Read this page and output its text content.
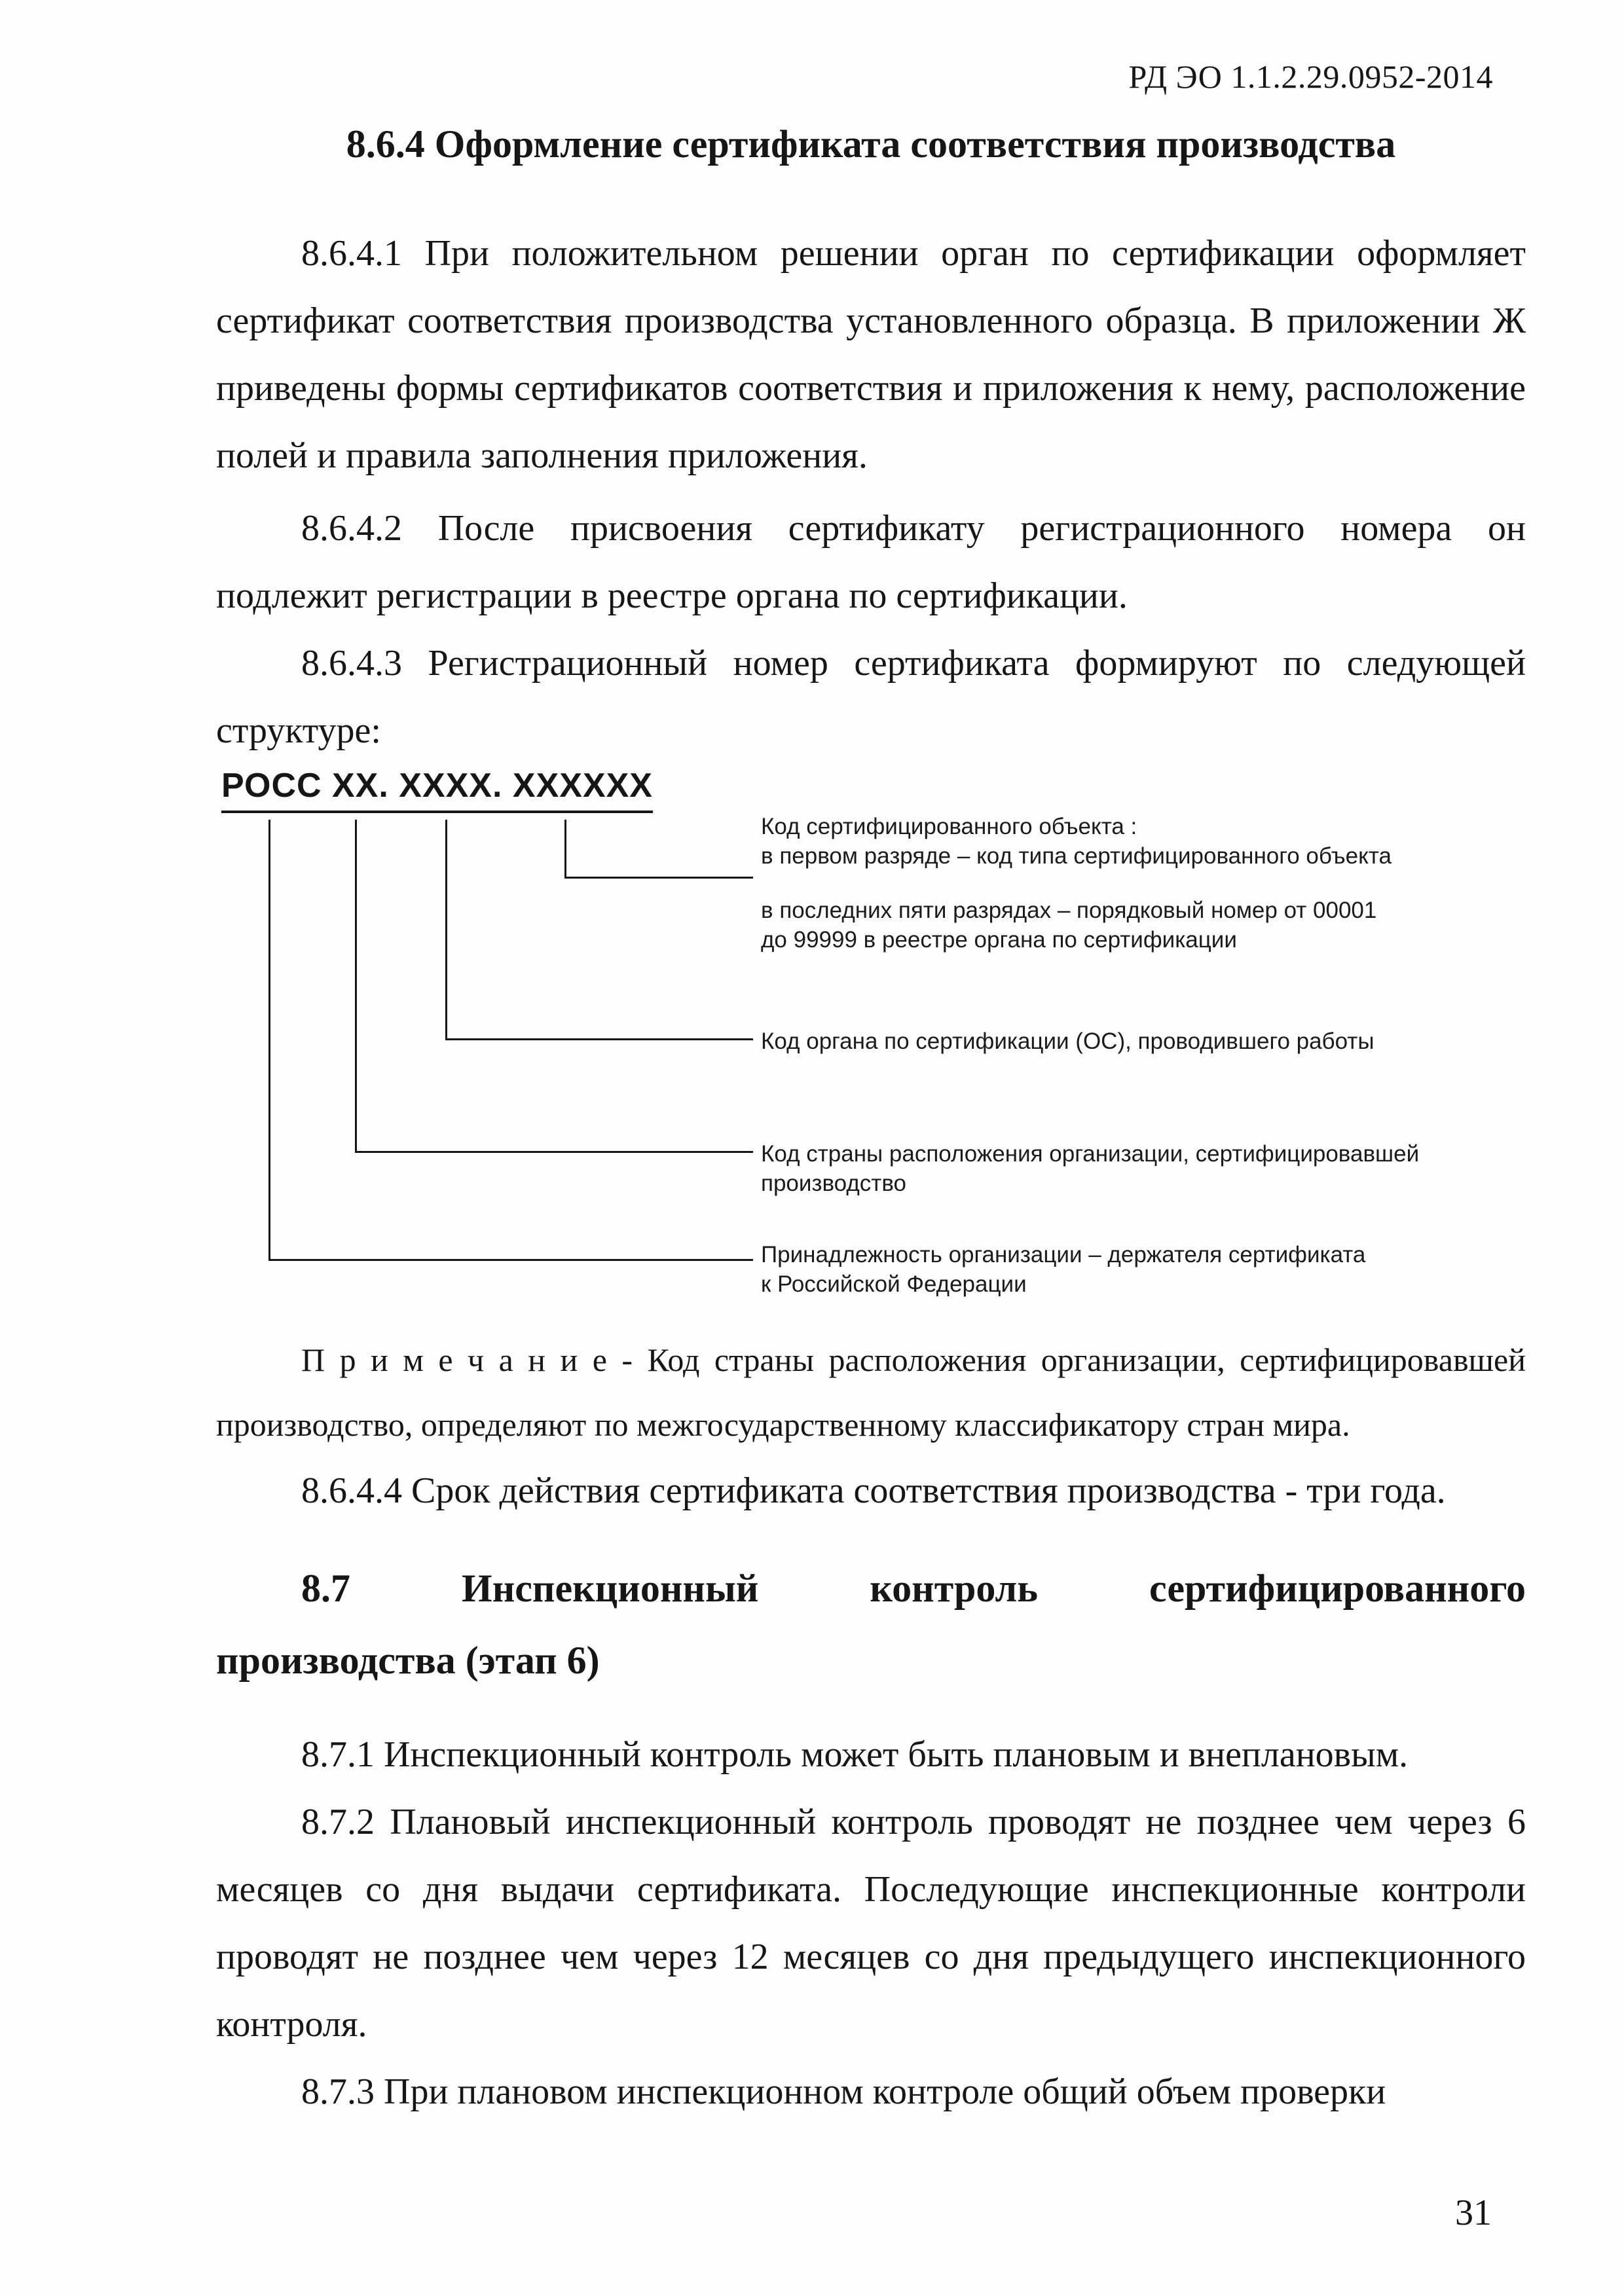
РД ЭО 1.1.2.29.0952-2014
8.6.4 Оформление сертификата соответствия производства

8.6.4.1 При положительном решении орган по сертификации оформляет сертификат соответствия производства установленного образца. В приложении Ж приведены формы сертификатов соответствия и приложения к нему, расположение полей и правила заполнения приложения.

8.6.4.2 После присвоения сертификату регистрационного номера он подлежит регистрации в реестре органа по сертификации.

8.6.4.3 Регистрационный номер сертификата формируют по следующей структуре:

РОСС ХХ. ХХХХ. ХХХХХХ
Код сертифицированного объекта :
в первом разряде – код типа сертифицированного объекта
в последних пяти разрядах – порядковый номер от 00001
до 99999 в реестре органа по сертификации
Код органа по сертификации (ОС), проводившего работы
Код страны расположения организации, сертифицировавшей
производство
Принадлежность организации – держателя сертификата
к Российской Федерации

П р и м е ч а н и е - Код страны расположения организации, сертифицировавшей производство, определяют по межгосударственному классификатору стран мира.

8.6.4.4 Срок действия сертификата соответствия производства - три года.

8.7	Инспекционный	контроль	сертифицированного
производства (этап 6)

8.7.1 Инспекционный контроль может быть плановым и внеплановым.

8.7.2 Плановый инспекционный контроль проводят не позднее чем через 6 месяцев со дня выдачи сертификата. Последующие инспекционные контроли проводят не позднее чем через 12 месяцев со дня предыдущего инспекционного контроля.

8.7.3 При плановом инспекционном контроле общий объем проверки

31
